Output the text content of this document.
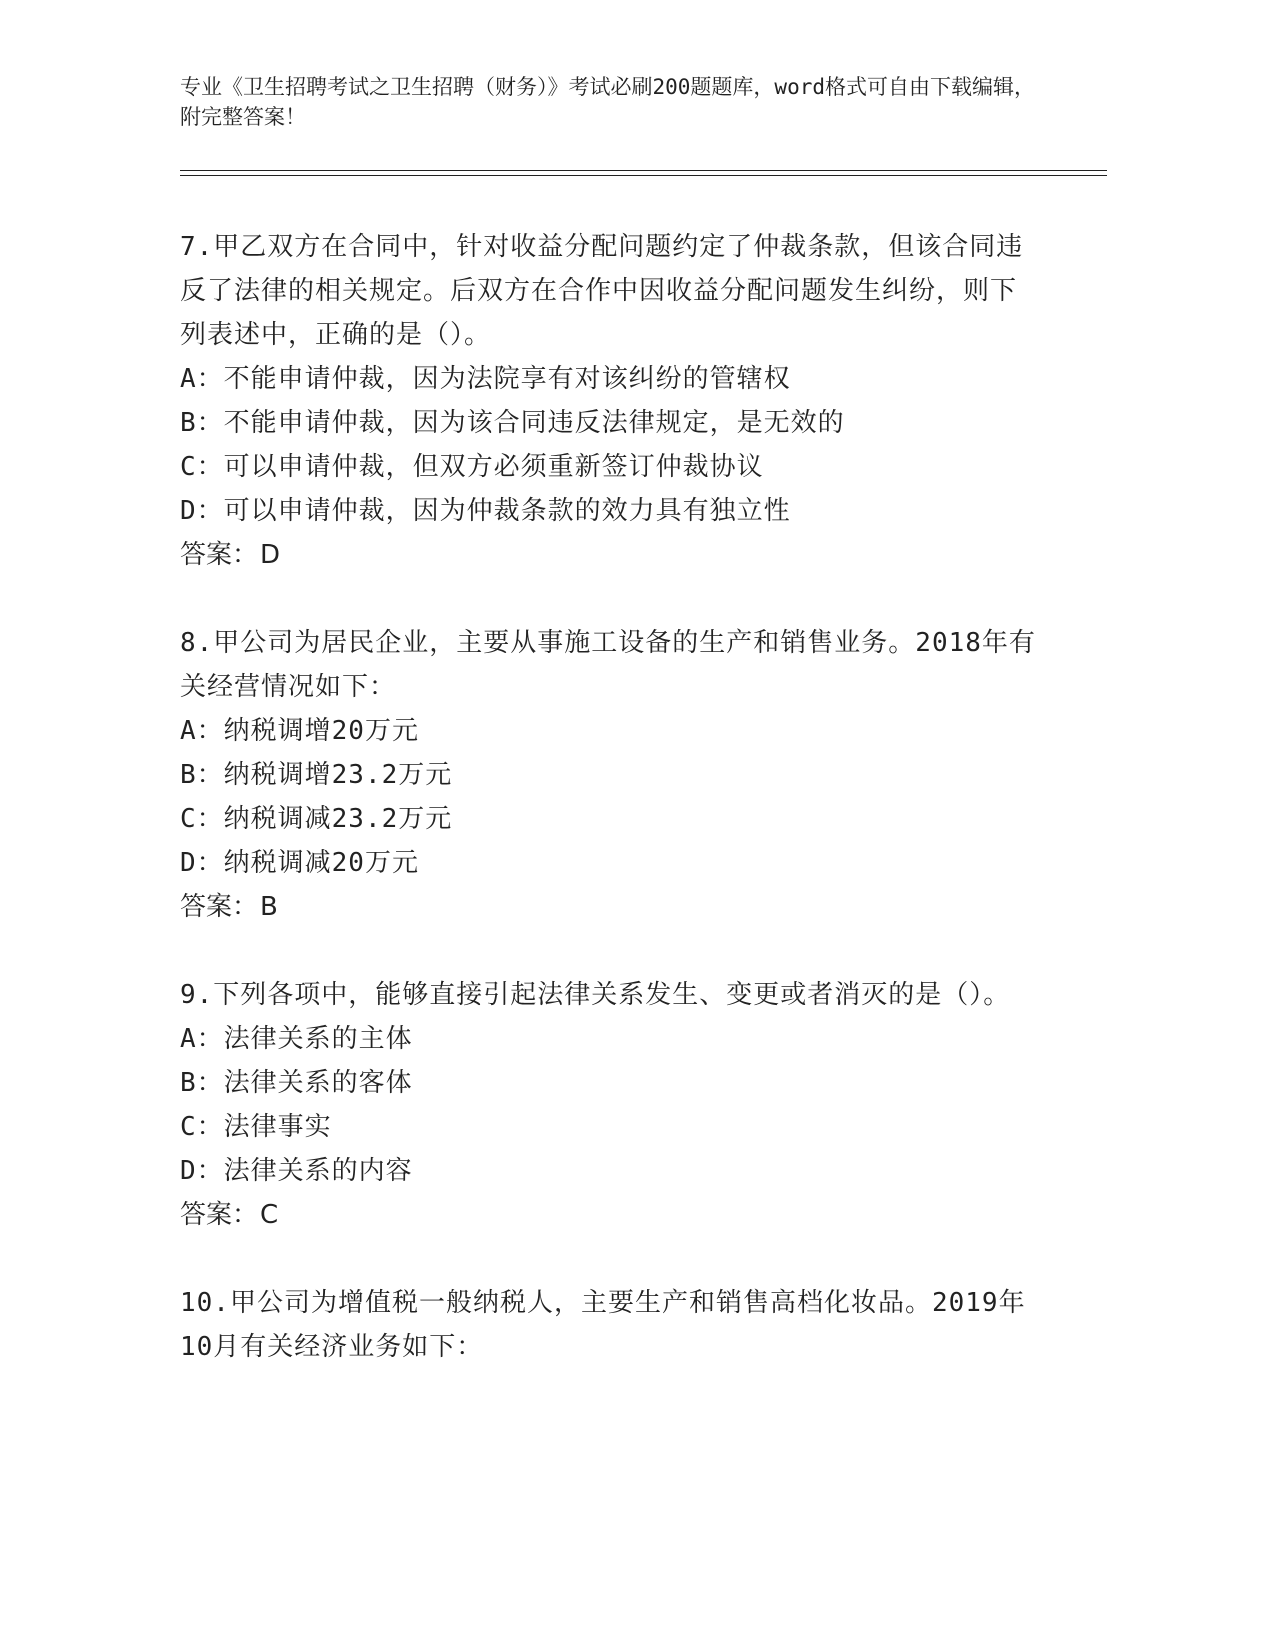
专业《卫生招聘考试之卫生招聘（财务）》考试必刷200题题库，word格式可自由下载编辑，附完整答案！
7.甲乙双方在合同中，针对收益分配问题约定了仲裁条款，但该合同违反了法律的相关规定。后双方在合作中因收益分配问题发生纠纷，则下列表述中，正确的是（）。
A：不能申请仲裁，因为法院享有对该纠纷的管辖权
B：不能申请仲裁，因为该合同违反法律规定，是无效的
C：可以申请仲裁，但双方必须重新签订仲裁协议
D：可以申请仲裁，因为仲裁条款的效力具有独立性
答案：D
8.甲公司为居民企业，主要从事施工设备的生产和销售业务。2018年有关经营情况如下：
A：纳税调增20万元
B：纳税调增23.2万元
C：纳税调减23.2万元
D：纳税调减20万元
答案：B
9.下列各项中，能够直接引起法律关系发生、变更或者消灭的是（）。
A：法律关系的主体
B：法律关系的客体
C：法律事实
D：法律关系的内容
答案：C
10.甲公司为增值税一般纳税人，主要生产和销售高档化妆品。2019年10月有关经济业务如下：
